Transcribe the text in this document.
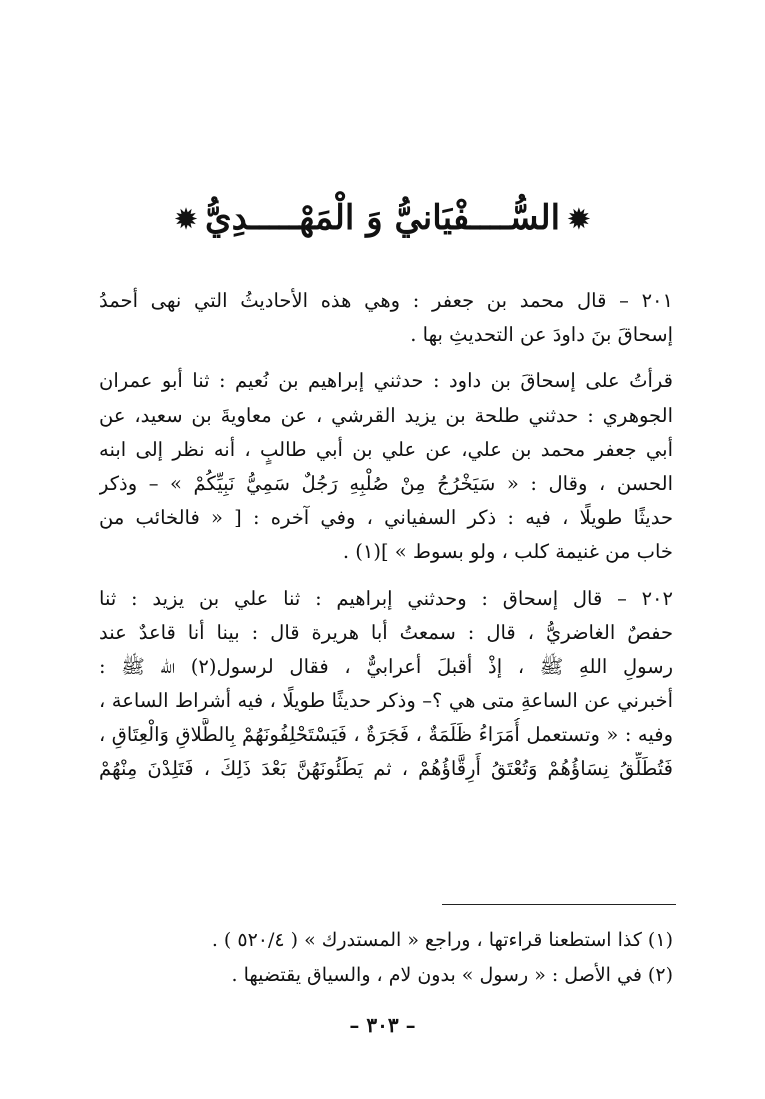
✹السُّــــفْيَانيُّ وَ الْمَهْـــــدِيُّ✹
٢٠١ – قال محمد بن جعفر : وهي هذه الأحاديثُ التي نهى أحمدُ
إسحاقَ بنَ داودَ عن التحديثِ بها .
قرأتُ على إسحاقَ بن داود : حدثني إبراهيم بن نُعيم : ثنا أبو عمران
الجوهري : حدثني طلحة بن يزيد القرشي ، عن معاويةَ بن سعيد، عن
أبي جعفر محمد بن علي، عن علي بن أبي طالبٍ ، أنه نظر إلى ابنه
الحسن ، وقال : « سَيَخْرُجُ مِنْ صُلْبِهِ رَجُلٌ سَمِيُّ نَبِيِّكُمْ » – وذكر
حديثًا طويلًا ، فيه : ذكر السفياني ، وفي آخره : [ « فالخائب من
خاب من غنيمة كلب ، ولو بسوط » ](١) .
٢٠٢ – قال إسحاق : وحدثني إبراهيم : ثنا علي بن يزيد : ثنا
حفصٌ الغاضريُّ ، قال : سمعتُ أبا هريرة قال : بينا أنا قاعدٌ عند
رسولِ اللهِ ﷺ ، إذْ أقبلَ أعرابيٌّ ، فقال لرسول(٢) الله ﷺ :
أخبرني عن الساعةِ متى هي ؟– وذكر حديثًا طويلًا ، فيه أشراط الساعة ،
وفيه : « وتستعمل أُمَرَاءُ ظَلَمَةٌ ، فَجَرَةٌ ، فَيَسْتَحْلِفُونَهُمْ بِالطَّلاقِ وَالْعِتَاقِ ،
فَتُطَلِّقُ نِسَاؤُهُمْ وَتُعْتَقُ أَرِقَّاؤُهُمْ ، ثم يَطَئُونَهُنَّ بَعْدَ ذَلِكَ ، فَتَلِدْنَ مِنْهُمْ
(١) كذا استطعنا قراءتها ، وراجع « المستدرك » ( ٥٢٠/٤ ) .
(٢) في الأصل : « رسول » بدون لام ، والسياق يقتضيها .
– ٣٠٣ –
